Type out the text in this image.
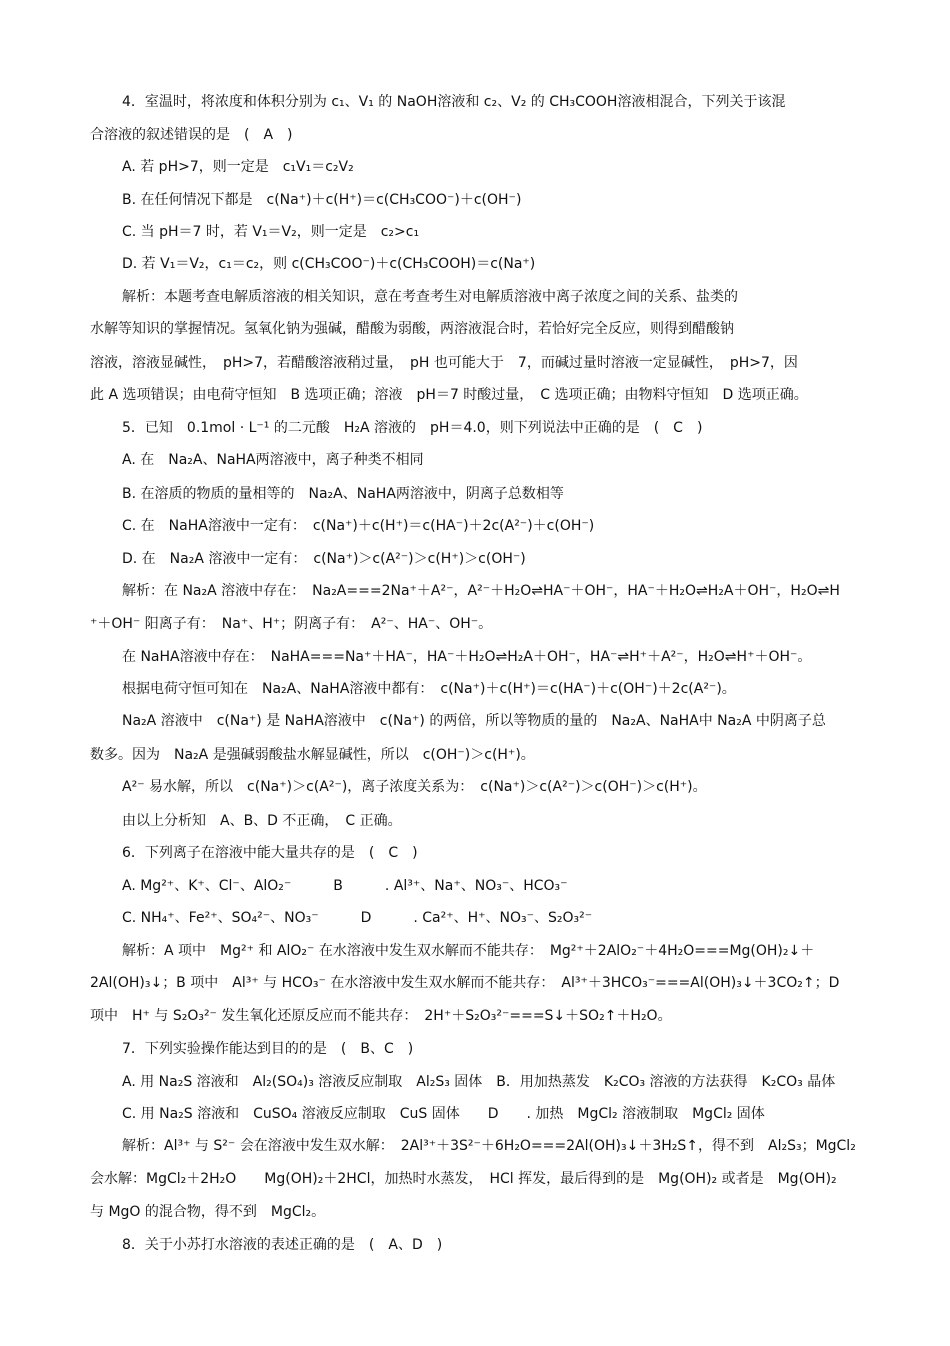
4．室温时，将浓度和体积分别为 c₁、V₁ 的 NaOH溶液和 c₂、V₂ 的 CH₃COOH溶液相混合，下列关于该混
合溶液的叙述错误的是　(　A　)
A. 若 pH>7，则一定是　c₁V₁＝c₂V₂
B. 在任何情况下都是　c(Na⁺)＋c(H⁺)＝c(CH₃COO⁻)＋c(OH⁻)
C. 当 pH＝7 时，若 V₁＝V₂，则一定是　c₂>c₁
D. 若 V₁＝V₂，c₁＝c₂，则 c(CH₃COO⁻)＋c(CH₃COOH)＝c(Na⁺)
解析：本题考查电解质溶液的相关知识，意在考查考生对电解质溶液中离子浓度之间的关系、盐类的
水解等知识的掌握情况。氢氧化钠为强碱，醋酸为弱酸，两溶液混合时，若恰好完全反应，则得到醋酸钠
溶液，溶液显碱性，　pH>7，若醋酸溶液稍过量，　pH 也可能大于　7，而碱过量时溶液一定显碱性，　pH>7，因
此 A 选项错误；由电荷守恒知　B 选项正确；溶液　pH＝7 时酸过量，　C 选项正确；由物料守恒知　D 选项正确。
5．已知　0.1mol · L⁻¹ 的二元酸　H₂A 溶液的　pH＝4.0，则下列说法中正确的是　(　C　)
A. 在　Na₂A、NaHA两溶液中，离子种类不相同
B. 在溶质的物质的量相等的　Na₂A、NaHA两溶液中，阴离子总数相等
C. 在　NaHA溶液中一定有：　c(Na⁺)＋c(H⁺)＝c(HA⁻)＋2c(A²⁻)＋c(OH⁻)
D. 在　Na₂A 溶液中一定有：　c(Na⁺)＞c(A²⁻)＞c(H⁺)＞c(OH⁻)
解析：在 Na₂A 溶液中存在：　Na₂A===2Na⁺＋A²⁻，A²⁻＋H₂O⇌HA⁻＋OH⁻，HA⁻＋H₂O⇌H₂A＋OH⁻，H₂O⇌H
⁺＋OH⁻ 阳离子有：　Na⁺、H⁺；阴离子有：　A²⁻、HA⁻、OH⁻。
在 NaHA溶液中存在：　NaHA===Na⁺＋HA⁻，HA⁻＋H₂O⇌H₂A＋OH⁻，HA⁻⇌H⁺＋A²⁻，H₂O⇌H⁺＋OH⁻。
根据电荷守恒可知在　Na₂A、NaHA溶液中都有：　c(Na⁺)＋c(H⁺)＝c(HA⁻)＋c(OH⁻)＋2c(A²⁻)。
Na₂A 溶液中　c(Na⁺) 是 NaHA溶液中　c(Na⁺) 的两倍，所以等物质的量的　Na₂A、NaHA中 Na₂A 中阴离子总
数多。因为　Na₂A 是强碱弱酸盐水解显碱性，所以　c(OH⁻)＞c(H⁺)。
A²⁻ 易水解，所以　c(Na⁺)＞c(A²⁻)，离子浓度关系为：　c(Na⁺)＞c(A²⁻)＞c(OH⁻)＞c(H⁺)。
由以上分析知　A、B、D 不正确，　C 正确。
6．下列离子在溶液中能大量共存的是　(　C　)
A. Mg²⁺、K⁺、Cl⁻、AlO₂⁻　　　B　　　. Al³⁺、Na⁺、NO₃⁻、HCO₃⁻
C. NH₄⁺、Fe²⁺、SO₄²⁻、NO₃⁻　　　D　　　. Ca²⁺、H⁺、NO₃⁻、S₂O₃²⁻
解析：A 项中　Mg²⁺ 和 AlO₂⁻ 在水溶液中发生双水解而不能共存：　Mg²⁺＋2AlO₂⁻＋4H₂O===Mg(OH)₂↓＋
2Al(OH)₃↓；B 项中　Al³⁺ 与 HCO₃⁻ 在水溶液中发生双水解而不能共存：　Al³⁺＋3HCO₃⁻===Al(OH)₃↓＋3CO₂↑；D
项中　H⁺ 与 S₂O₃²⁻ 发生氧化还原反应而不能共存：　2H⁺＋S₂O₃²⁻===S↓＋SO₂↑＋H₂O。
7．下列实验操作能达到目的的是　(　B、C　)
A. 用 Na₂S 溶液和　Al₂(SO₄)₃ 溶液反应制取　Al₂S₃ 固体　B．用加热蒸发　K₂CO₃ 溶液的方法获得　K₂CO₃ 晶体
C. 用 Na₂S 溶液和　CuSO₄ 溶液反应制取　CuS 固体　　D　　. 加热　MgCl₂ 溶液制取　MgCl₂ 固体
解析：Al³⁺ 与 S²⁻ 会在溶液中发生双水解：　2Al³⁺＋3S²⁻＋6H₂O===2Al(OH)₃↓＋3H₂S↑，得不到　Al₂S₃；MgCl₂
会水解：MgCl₂＋2H₂O　　Mg(OH)₂＋2HCl，加热时水蒸发，　HCl 挥发，最后得到的是　Mg(OH)₂ 或者是　Mg(OH)₂
与 MgO 的混合物，得不到　MgCl₂。
8．关于小苏打水溶液的表述正确的是　(　A、D　)
